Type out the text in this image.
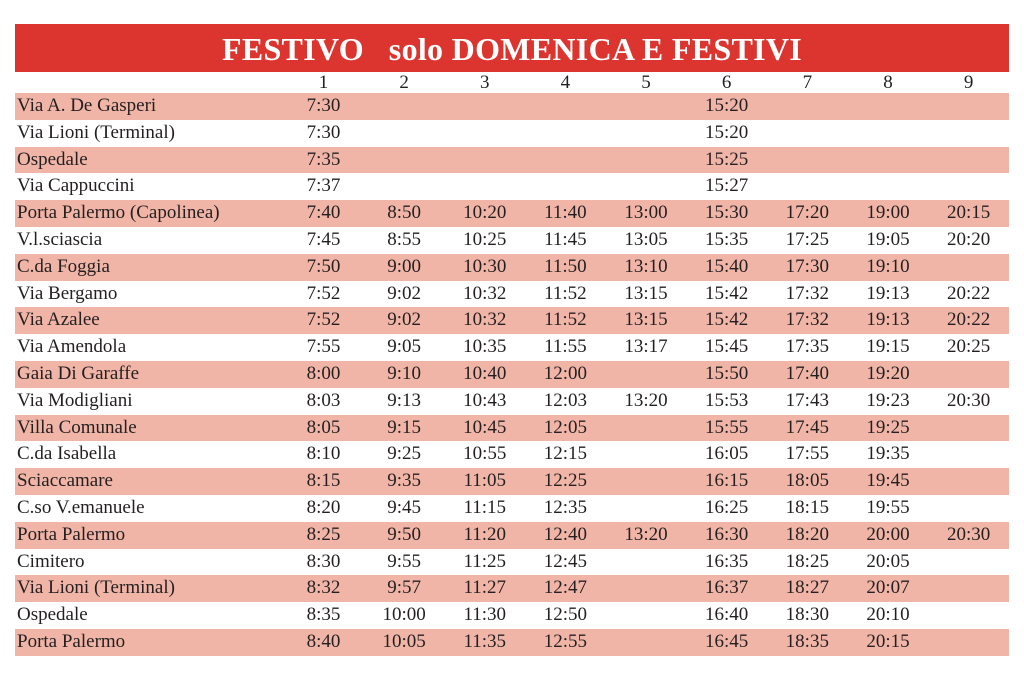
FESTIVO   solo DOMENICA E FESTIVI
	1	2	3	4	5	6	7	8	9
Via A. De Gasperi	7:30					15:20			
Via Lioni (Terminal)	7:30					15:20			
Ospedale	7:35					15:25			
Via Cappuccini	7:37					15:27			
Porta Palermo (Capolinea)	7:40	8:50	10:20	11:40	13:00	15:30	17:20	19:00	20:15
V.l.sciascia	7:45	8:55	10:25	11:45	13:05	15:35	17:25	19:05	20:20
C.da Foggia	7:50	9:00	10:30	11:50	13:10	15:40	17:30	19:10	
Via Bergamo	7:52	9:02	10:32	11:52	13:15	15:42	17:32	19:13	20:22
Via Azalee	7:52	9:02	10:32	11:52	13:15	15:42	17:32	19:13	20:22
Via Amendola	7:55	9:05	10:35	11:55	13:17	15:45	17:35	19:15	20:25
Gaia Di Garaffe	8:00	9:10	10:40	12:00		15:50	17:40	19:20	
Via Modigliani	8:03	9:13	10:43	12:03	13:20	15:53	17:43	19:23	20:30
Villa Comunale	8:05	9:15	10:45	12:05		15:55	17:45	19:25	
C.da Isabella	8:10	9:25	10:55	12:15		16:05	17:55	19:35	
Sciaccamare	8:15	9:35	11:05	12:25		16:15	18:05	19:45	
C.so V.emanuele	8:20	9:45	11:15	12:35		16:25	18:15	19:55	
Porta Palermo	8:25	9:50	11:20	12:40	13:20	16:30	18:20	20:00	20:30
Cimitero	8:30	9:55	11:25	12:45		16:35	18:25	20:05	
Via Lioni (Terminal)	8:32	9:57	11:27	12:47		16:37	18:27	20:07	
Ospedale	8:35	10:00	11:30	12:50		16:40	18:30	20:10	
Porta Palermo	8:40	10:05	11:35	12:55		16:45	18:35	20:15	
